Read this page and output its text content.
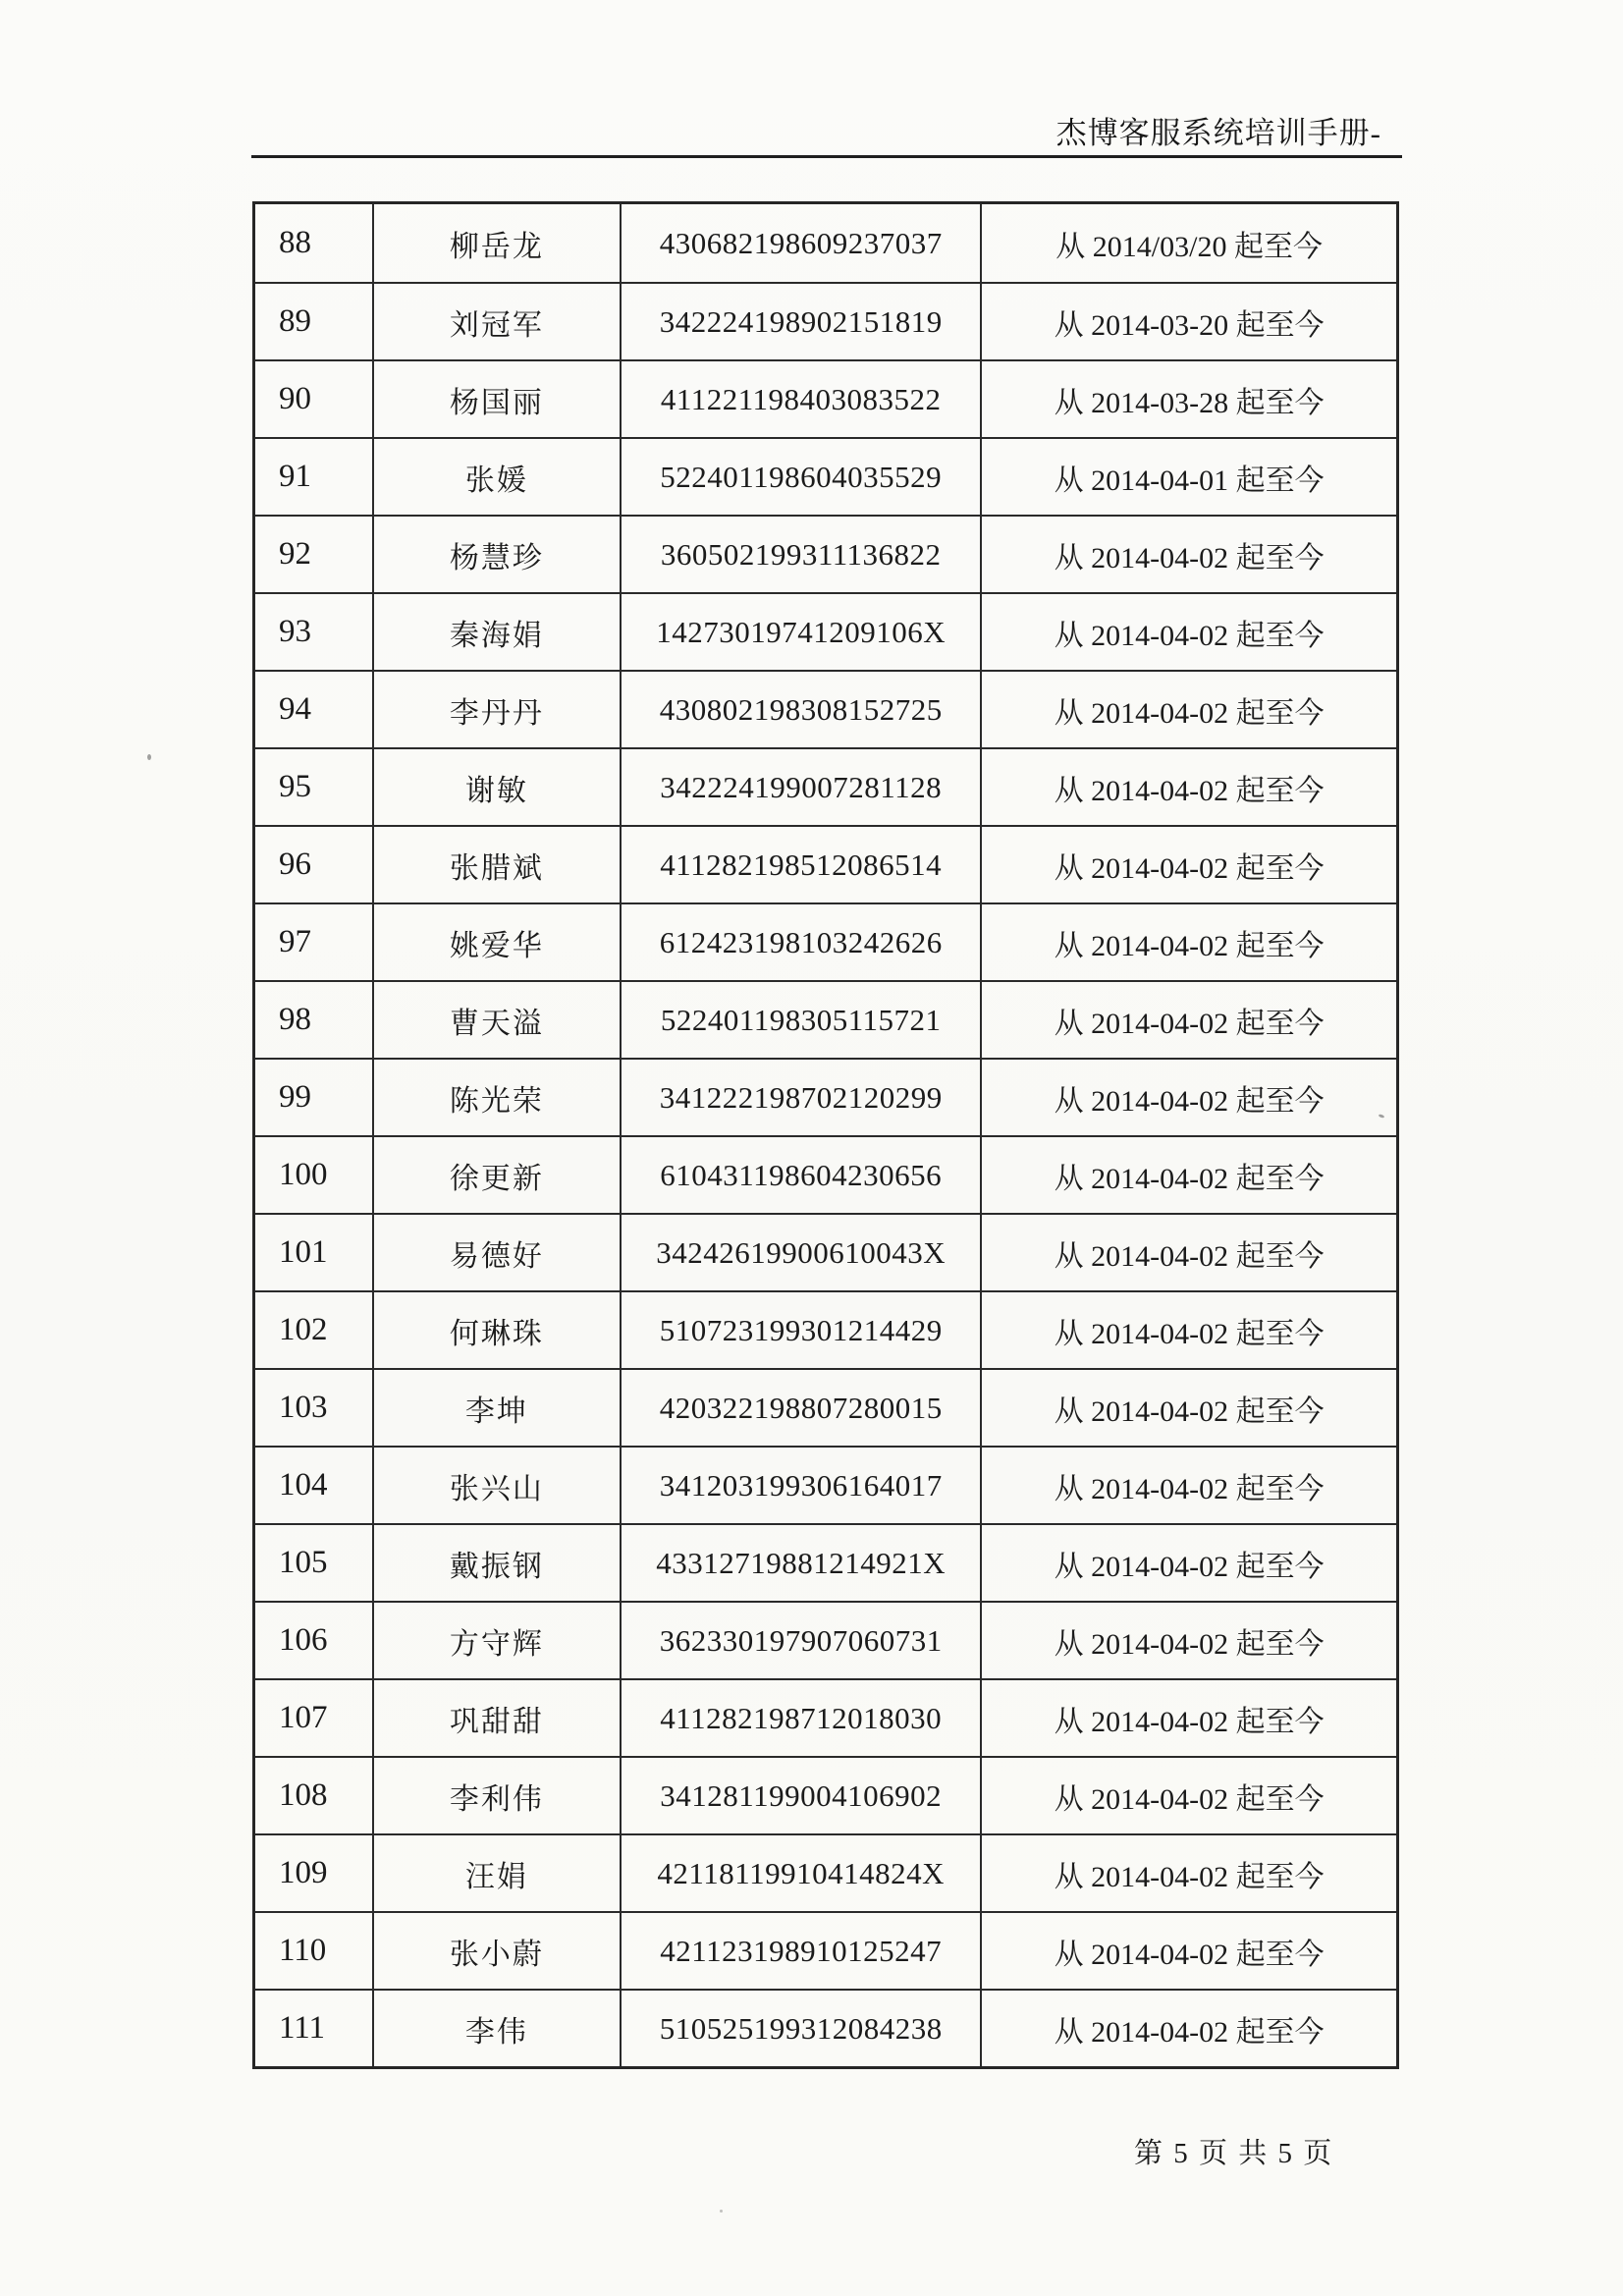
杰博客服系统培训手册-
88	柳岳龙	430682198609237037	从 2014/03/20 起至今
89	刘冠军	342224198902151819	从 2014-03-20 起至今
90	杨国丽	411221198403083522	从 2014-03-28 起至今
91	张媛	522401198604035529	从 2014-04-01 起至今
92	杨慧珍	360502199311136822	从 2014-04-02 起至今
93	秦海娟	14273019741209106X	从 2014-04-02 起至今
94	李丹丹	430802198308152725	从 2014-04-02 起至今
95	谢敏	342224199007281128	从 2014-04-02 起至今
96	张腊斌	411282198512086514	从 2014-04-02 起至今
97	姚爱华	612423198103242626	从 2014-04-02 起至今
98	曹天溢	522401198305115721	从 2014-04-02 起至今
99	陈光荣	341222198702120299	从 2014-04-02 起至今
100	徐更新	610431198604230656	从 2014-04-02 起至今
101	易德好	34242619900610043X	从 2014-04-02 起至今
102	何琳珠	510723199301214429	从 2014-04-02 起至今
103	李坤	420322198807280015	从 2014-04-02 起至今
104	张兴山	341203199306164017	从 2014-04-02 起至今
105	戴振钢	43312719881214921X	从 2014-04-02 起至今
106	方守辉	362330197907060731	从 2014-04-02 起至今
107	巩甜甜	411282198712018030	从 2014-04-02 起至今
108	李利伟	341281199004106902	从 2014-04-02 起至今
109	汪娟	42118119910414824X	从 2014-04-02 起至今
110	张小蔚	421123198910125247	从 2014-04-02 起至今
111	李伟	510525199312084238	从 2014-04-02 起至今
第 5 页 共 5 页
